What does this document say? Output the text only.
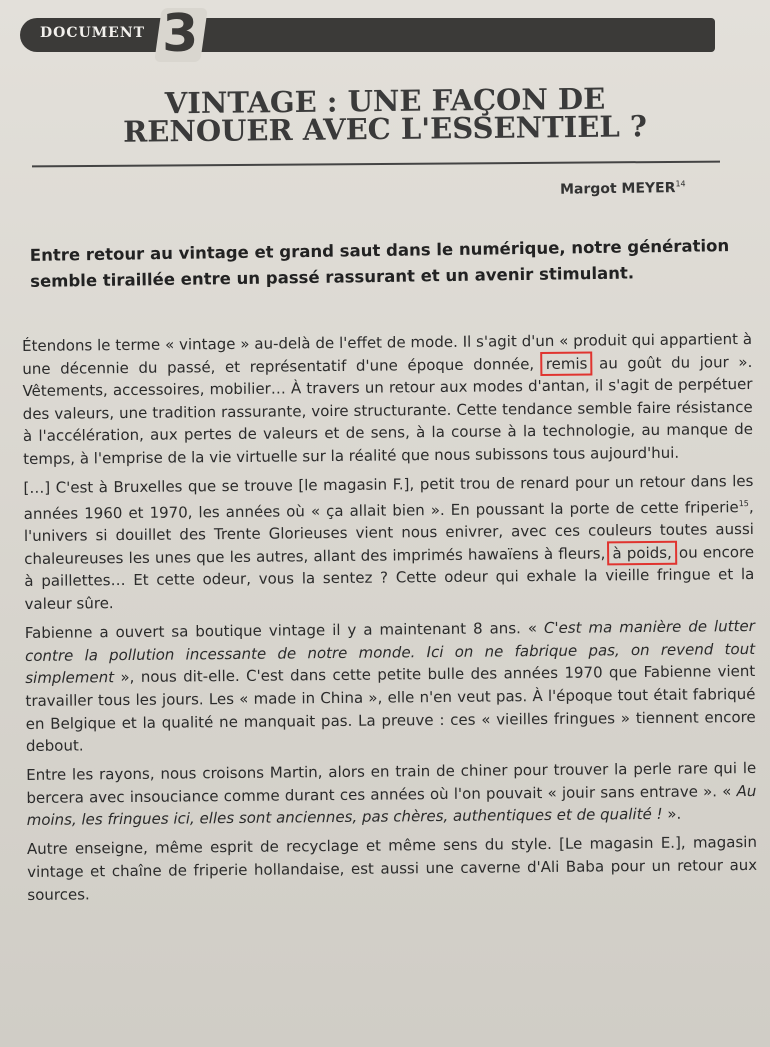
DOCUMENT 3
VINTAGE : UNE FAÇON DE
RENOUER AVEC L'ESSENTIEL ?
Margot MEYER$^{14}$
Entre retour au vintage et grand saut dans le numérique, notre génération semble tiraillée entre un passé rassurant et un avenir stimulant.

Étendons le terme « vintage » au-delà de l'effet de mode. Il s'agit d'un « produit qui appartient à une décennie du passé, et représentatif d'une époque donnée, remis au goût du jour ». Vêtements, accessoires, mobilier… À travers un retour aux modes d'antan, il s'agit de perpétuer des valeurs, une tradition rassurante, voire structurante. Cette tendance semble faire résistance à l'accélération, aux pertes de valeurs et de sens, à la course à la technologie, au manque de temps, à l'emprise de la vie virtuelle sur la réalité que nous subissons tous aujourd'hui.

[…] C'est à Bruxelles que se trouve [le magasin F.], petit trou de renard pour un retour dans les années 1960 et 1970, les années où « ça allait bien ». En poussant la porte de cette friperie$^{15}$, l'univers si douillet des Trente Glorieuses vient nous enivrer, avec ces couleurs toutes aussi chaleureuses les unes que les autres, allant des imprimés hawaïens à fleurs, à poids, ou encore à paillettes… Et cette odeur, vous la sentez ? Cette odeur qui exhale la vieille fringue et la valeur sûre.

Fabienne a ouvert sa boutique vintage il y a maintenant 8 ans. « C'est ma manière de lutter contre la pollution incessante de notre monde. Ici on ne fabrique pas, on revend tout simplement », nous dit-elle. C'est dans cette petite bulle des années 1970 que Fabienne vient travailler tous les jours. Les « made in China », elle n'en veut pas. À l'époque tout était fabriqué en Belgique et la qualité ne manquait pas. La preuve : ces « vieilles fringues » tiennent encore debout.

Entre les rayons, nous croisons Martin, alors en train de chiner pour trouver la perle rare qui le bercera avec insouciance comme durant ces années où l'on pouvait « jouir sans entrave ». « Au moins, les fringues ici, elles sont anciennes, pas chères, authentiques et de qualité ! ».

Autre enseigne, même esprit de recyclage et même sens du style. [Le magasin E.], magasin vintage et chaîne de friperie hollandaise, est aussi une caverne d'Ali Baba pour un retour aux sources.
